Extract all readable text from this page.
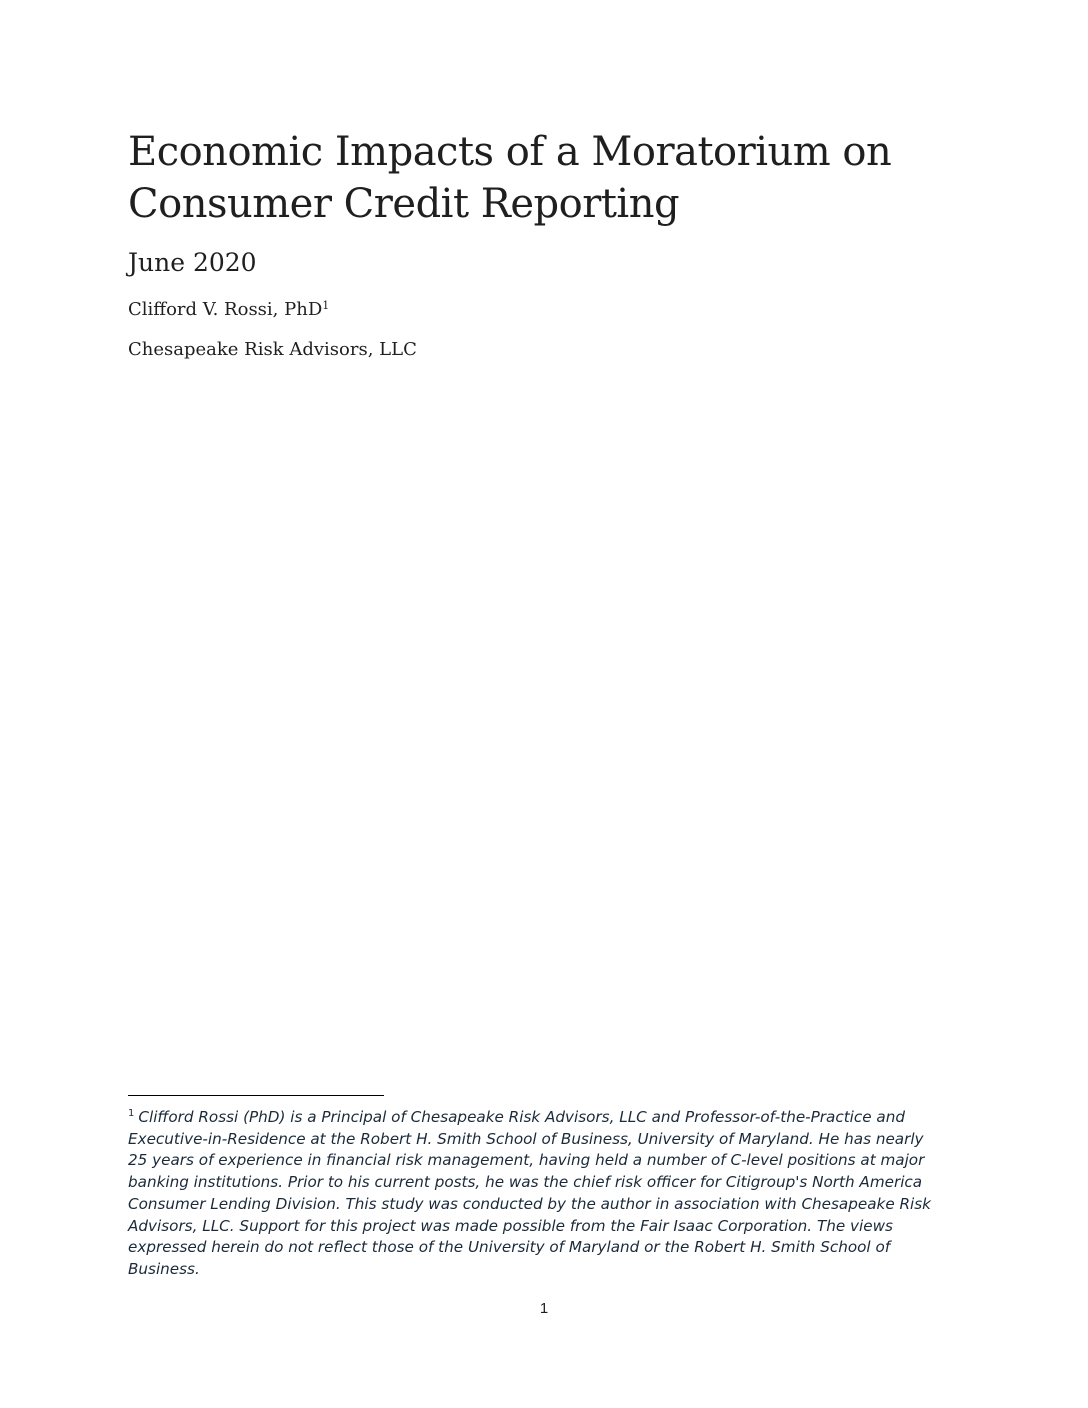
Economic Impacts of a Moratorium on
Consumer Credit Reporting

June 2020

Clifford V. Rossi, PhD$^1$

Chesapeake Risk Advisors, LLC

$^1$ Clifford Rossi (PhD) is a Principal of Chesapeake Risk Advisors, LLC and Professor-of-the-Practice and
Executive-in-Residence at the Robert H. Smith School of Business, University of Maryland. He has nearly
25 years of experience in financial risk management, having held a number of C-level positions at major
banking institutions. Prior to his current posts, he was the chief risk officer for Citigroup's North America
Consumer Lending Division. This study was conducted by the author in association with Chesapeake Risk
Advisors, LLC. Support for this project was made possible from the Fair Isaac Corporation. The views
expressed herein do not reflect those of the University of Maryland or the Robert H. Smith School of
Business.

1
